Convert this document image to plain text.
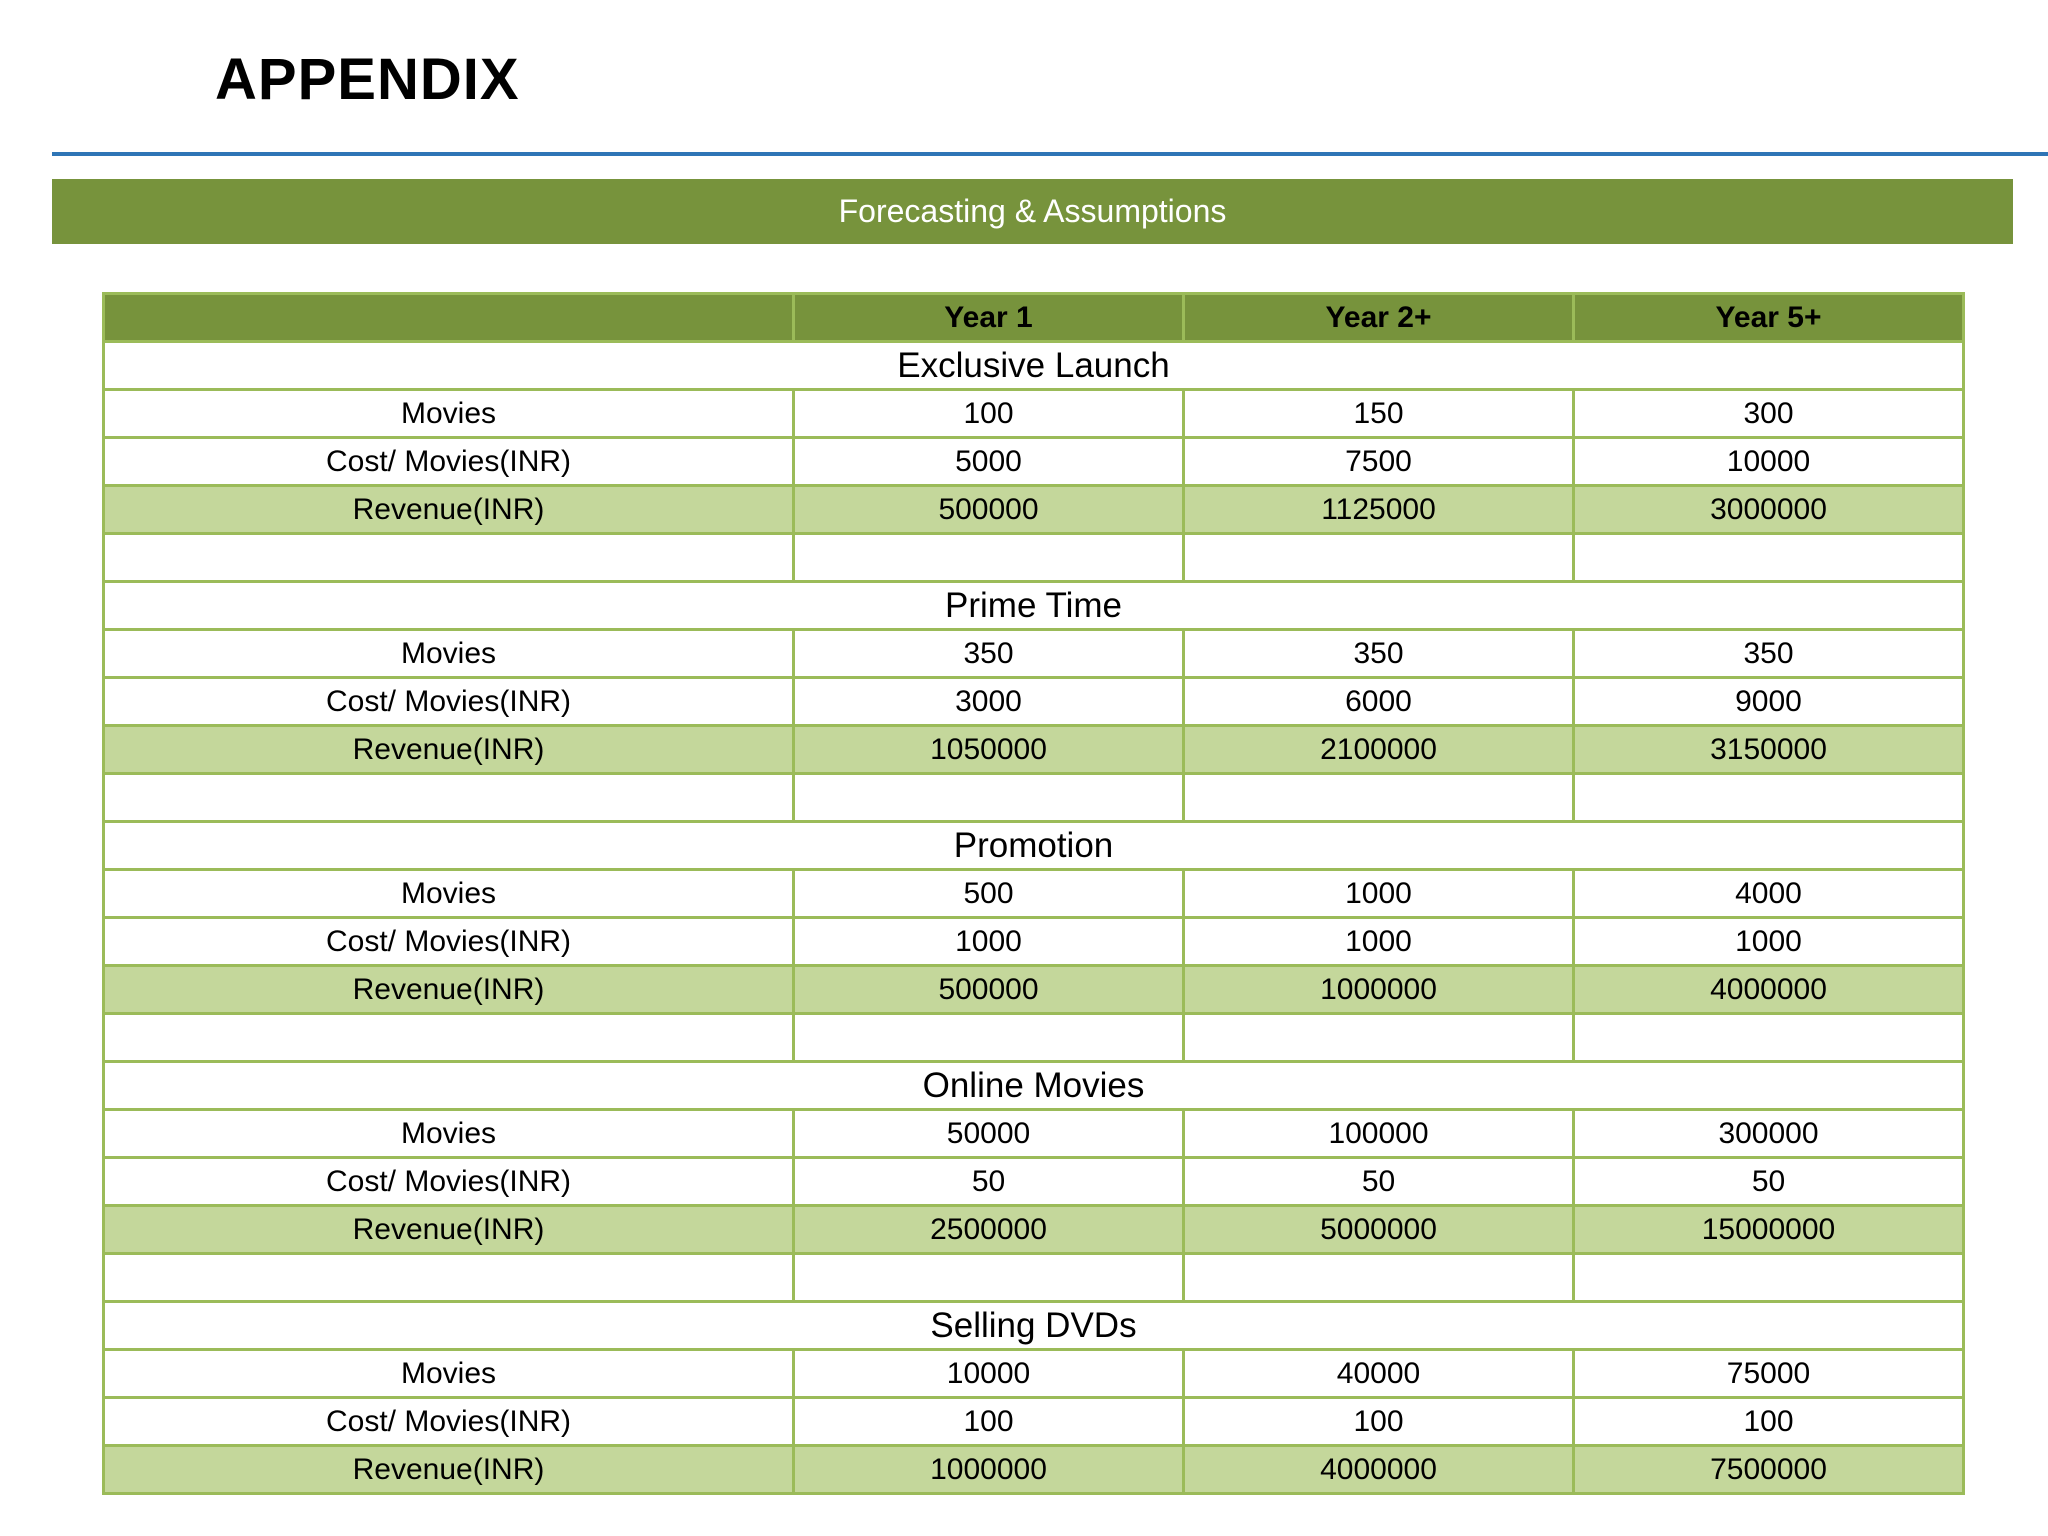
APPENDIX
Forecasting & Assumptions
	Year 1	Year 2+	Year 5+
Exclusive Launch			
Movies	100	150	300
Cost/ Movies(INR)	5000	7500	10000
Revenue(INR)	500000	1125000	3000000

Prime Time			
Movies	350	350	350
Cost/ Movies(INR)	3000	6000	9000
Revenue(INR)	1050000	2100000	3150000

Promotion			
Movies	500	1000	4000
Cost/ Movies(INR)	1000	1000	1000
Revenue(INR)	500000	1000000	4000000

Online Movies			
Movies	50000	100000	300000
Cost/ Movies(INR)	50	50	50
Revenue(INR)	2500000	5000000	15000000

Selling DVDs			
Movies	10000	40000	75000
Cost/ Movies(INR)	100	100	100
Revenue(INR)	1000000	4000000	7500000
